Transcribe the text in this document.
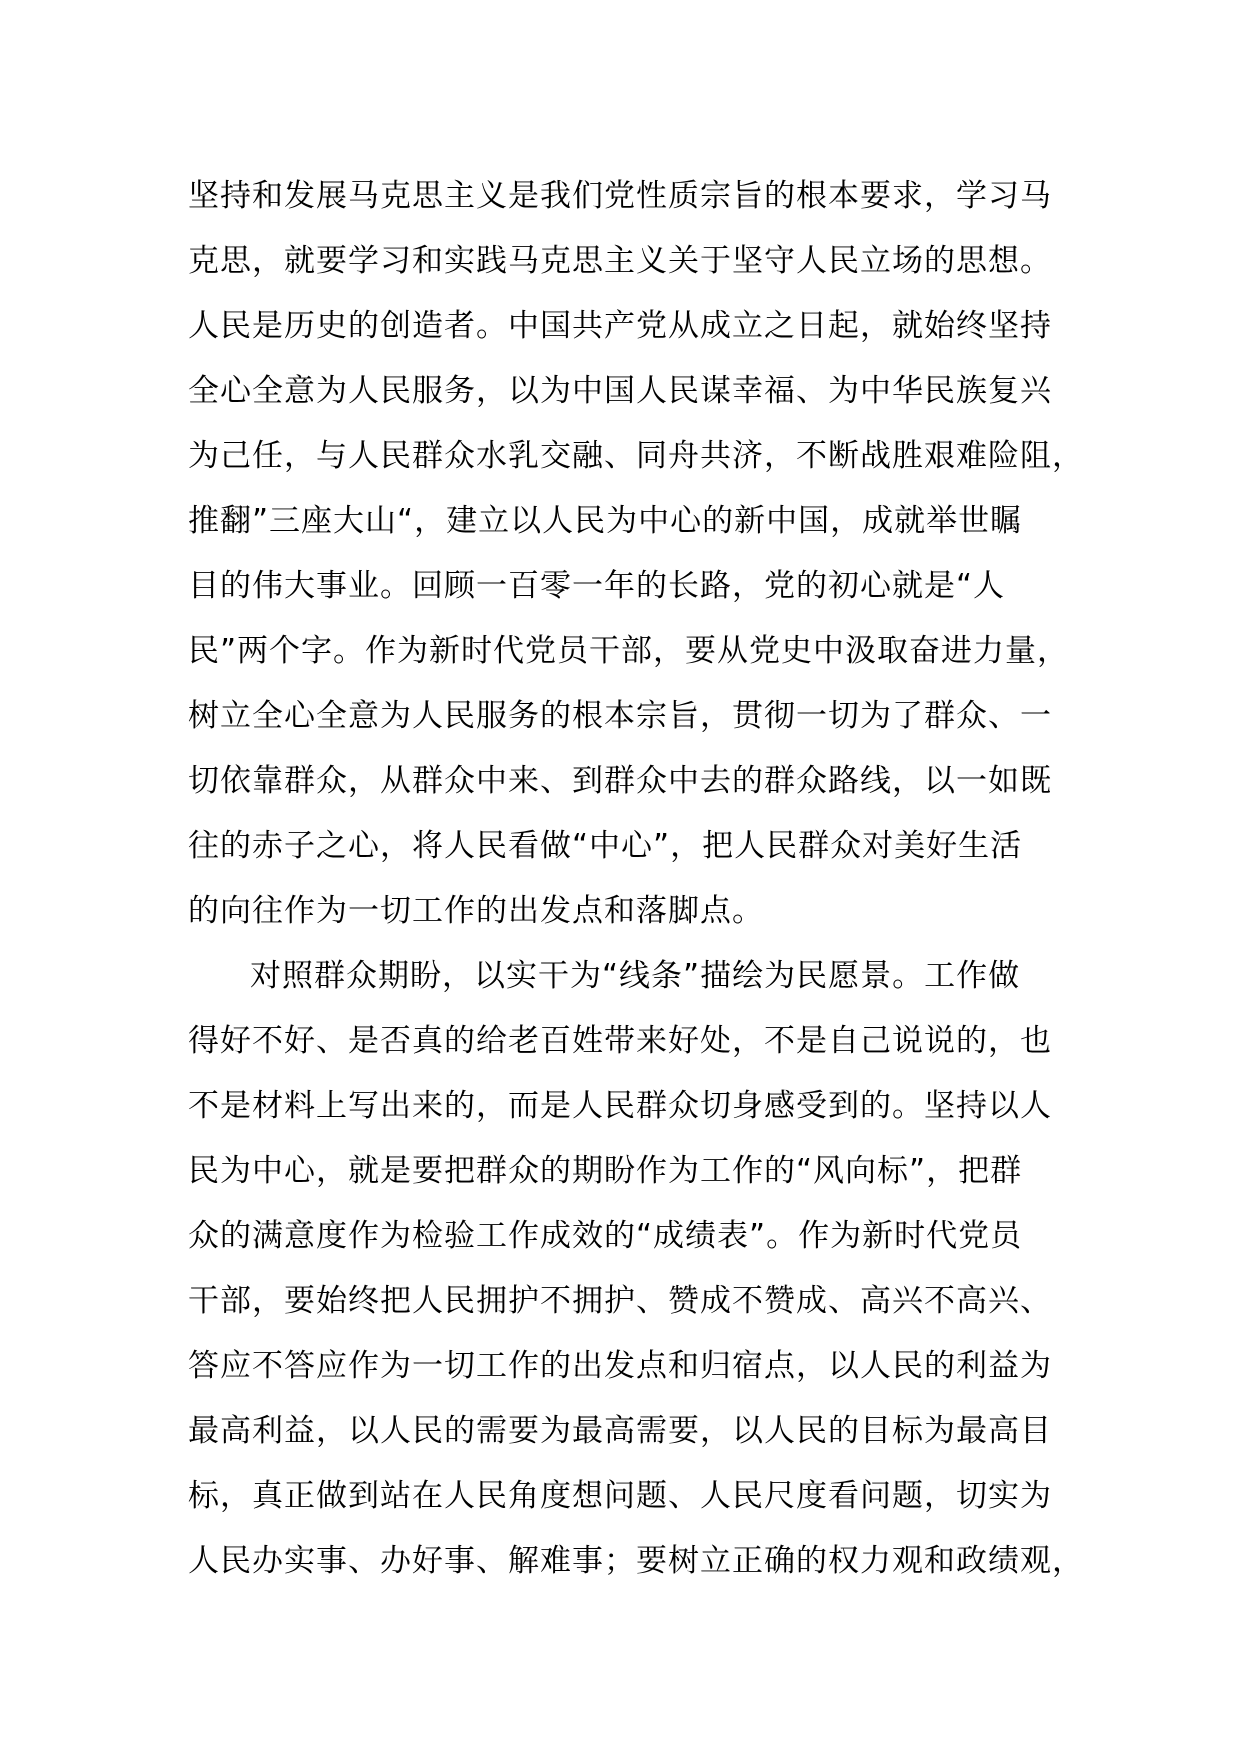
坚持和发展马克思主义是我们党性质宗旨的根本要求，学习马
克思，就要学习和实践马克思主义关于坚守人民立场的思想。
人民是历史的创造者。中国共产党从成立之日起，就始终坚持
全心全意为人民服务，以为中国人民谋幸福、为中华民族复兴
为己任，与人民群众水乳交融、同舟共济，不断战胜艰难险阻，
推翻”三座大山“，建立以人民为中心的新中国，成就举世瞩
目的伟大事业。回顾一百零一年的长路，党的初心就是“人
民”两个字。作为新时代党员干部，要从党史中汲取奋进力量，
树立全心全意为人民服务的根本宗旨，贯彻一切为了群众、一
切依靠群众，从群众中来、到群众中去的群众路线，以一如既
往的赤子之心，将人民看做“中心”，把人民群众对美好生活
的向往作为一切工作的出发点和落脚点。
对照群众期盼，以实干为“线条”描绘为民愿景。工作做
得好不好、是否真的给老百姓带来好处，不是自己说说的，也
不是材料上写出来的，而是人民群众切身感受到的。坚持以人
民为中心，就是要把群众的期盼作为工作的“风向标”，把群
众的满意度作为检验工作成效的“成绩表”。作为新时代党员
干部，要始终把人民拥护不拥护、赞成不赞成、高兴不高兴、
答应不答应作为一切工作的出发点和归宿点，以人民的利益为
最高利益，以人民的需要为最高需要，以人民的目标为最高目
标，真正做到站在人民角度想问题、人民尺度看问题，切实为
人民办实事、办好事、解难事；要树立正确的权力观和政绩观，
